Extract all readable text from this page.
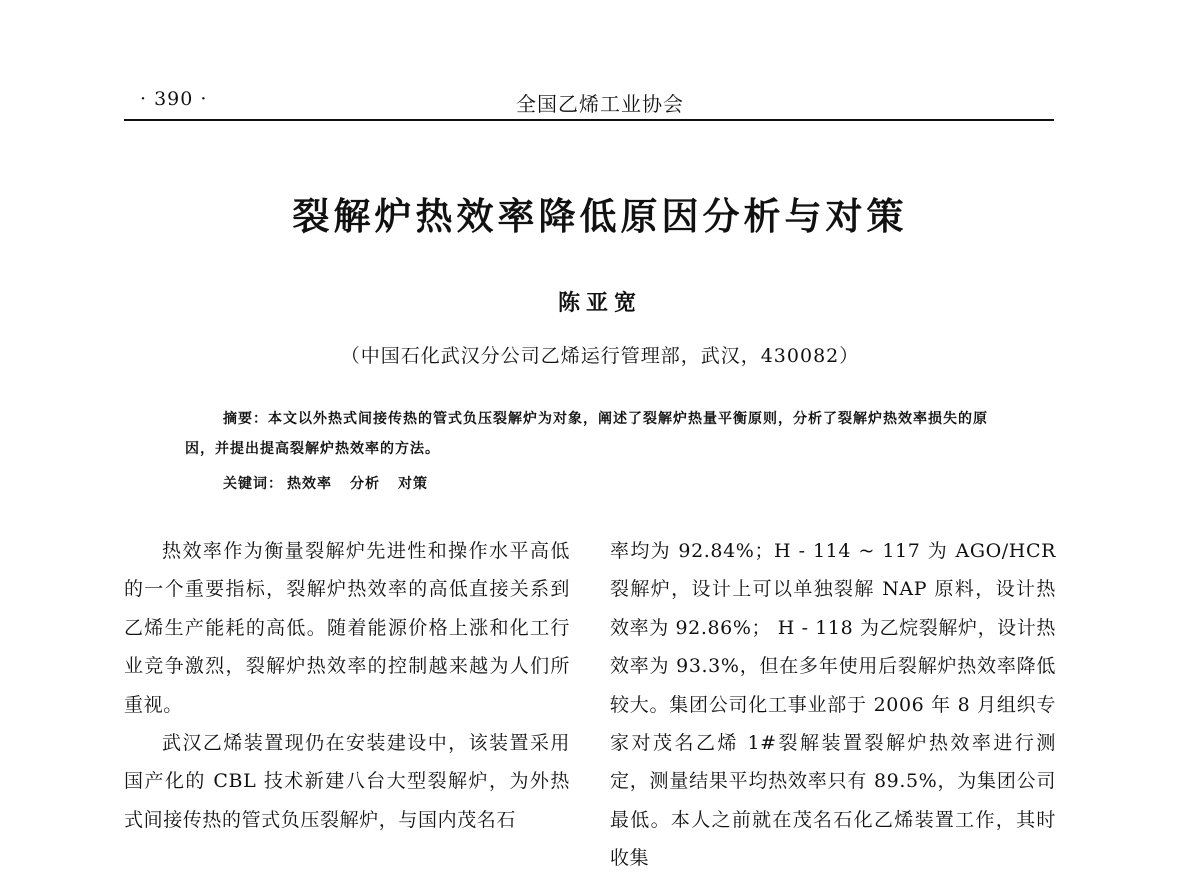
· 390 ·	全国乙烯工业协会
裂解炉热效率降低原因分析与对策
陈亚宽
（中国石化武汉分公司乙烯运行管理部，武汉，430082）
摘要：本文以外热式间接传热的管式负压裂解炉为对象，阐述了裂解炉热量平衡原则，分析了裂解炉热效率损失的原因，并提出提高裂解炉热效率的方法。
关键词： 热效率 分析 对策

热效率作为衡量裂解炉先进性和操作水平高低的一个重要指标，裂解炉热效率的高低直接关系到乙烯生产能耗的高低。随着能源价格上涨和化工行业竞争激烈，裂解炉热效率的控制越来越为人们所重视。

武汉乙烯装置现仍在安装建设中，该装置采用国产化的 CBL 技术新建八台大型裂解炉，为外热式间接传热的管式负压裂解炉，与国内茂名石

率均为 92.84%；H - 114 ~ 117 为 AGO/HCR 裂解炉，设计上可以单独裂解 NAP 原料，设计热效率为 92.86%； H - 118 为乙烷裂解炉，设计热效率为 93.3%，但在多年使用后裂解炉热效率降低较大。集团公司化工事业部于 2006 年 8 月组织专家对茂名乙烯 1#裂解装置裂解炉热效率进行测定，测量结果平均热效率只有 89.5%，为集团公司最低。本人之前就在茂名石化乙烯装置工作，其时收集
